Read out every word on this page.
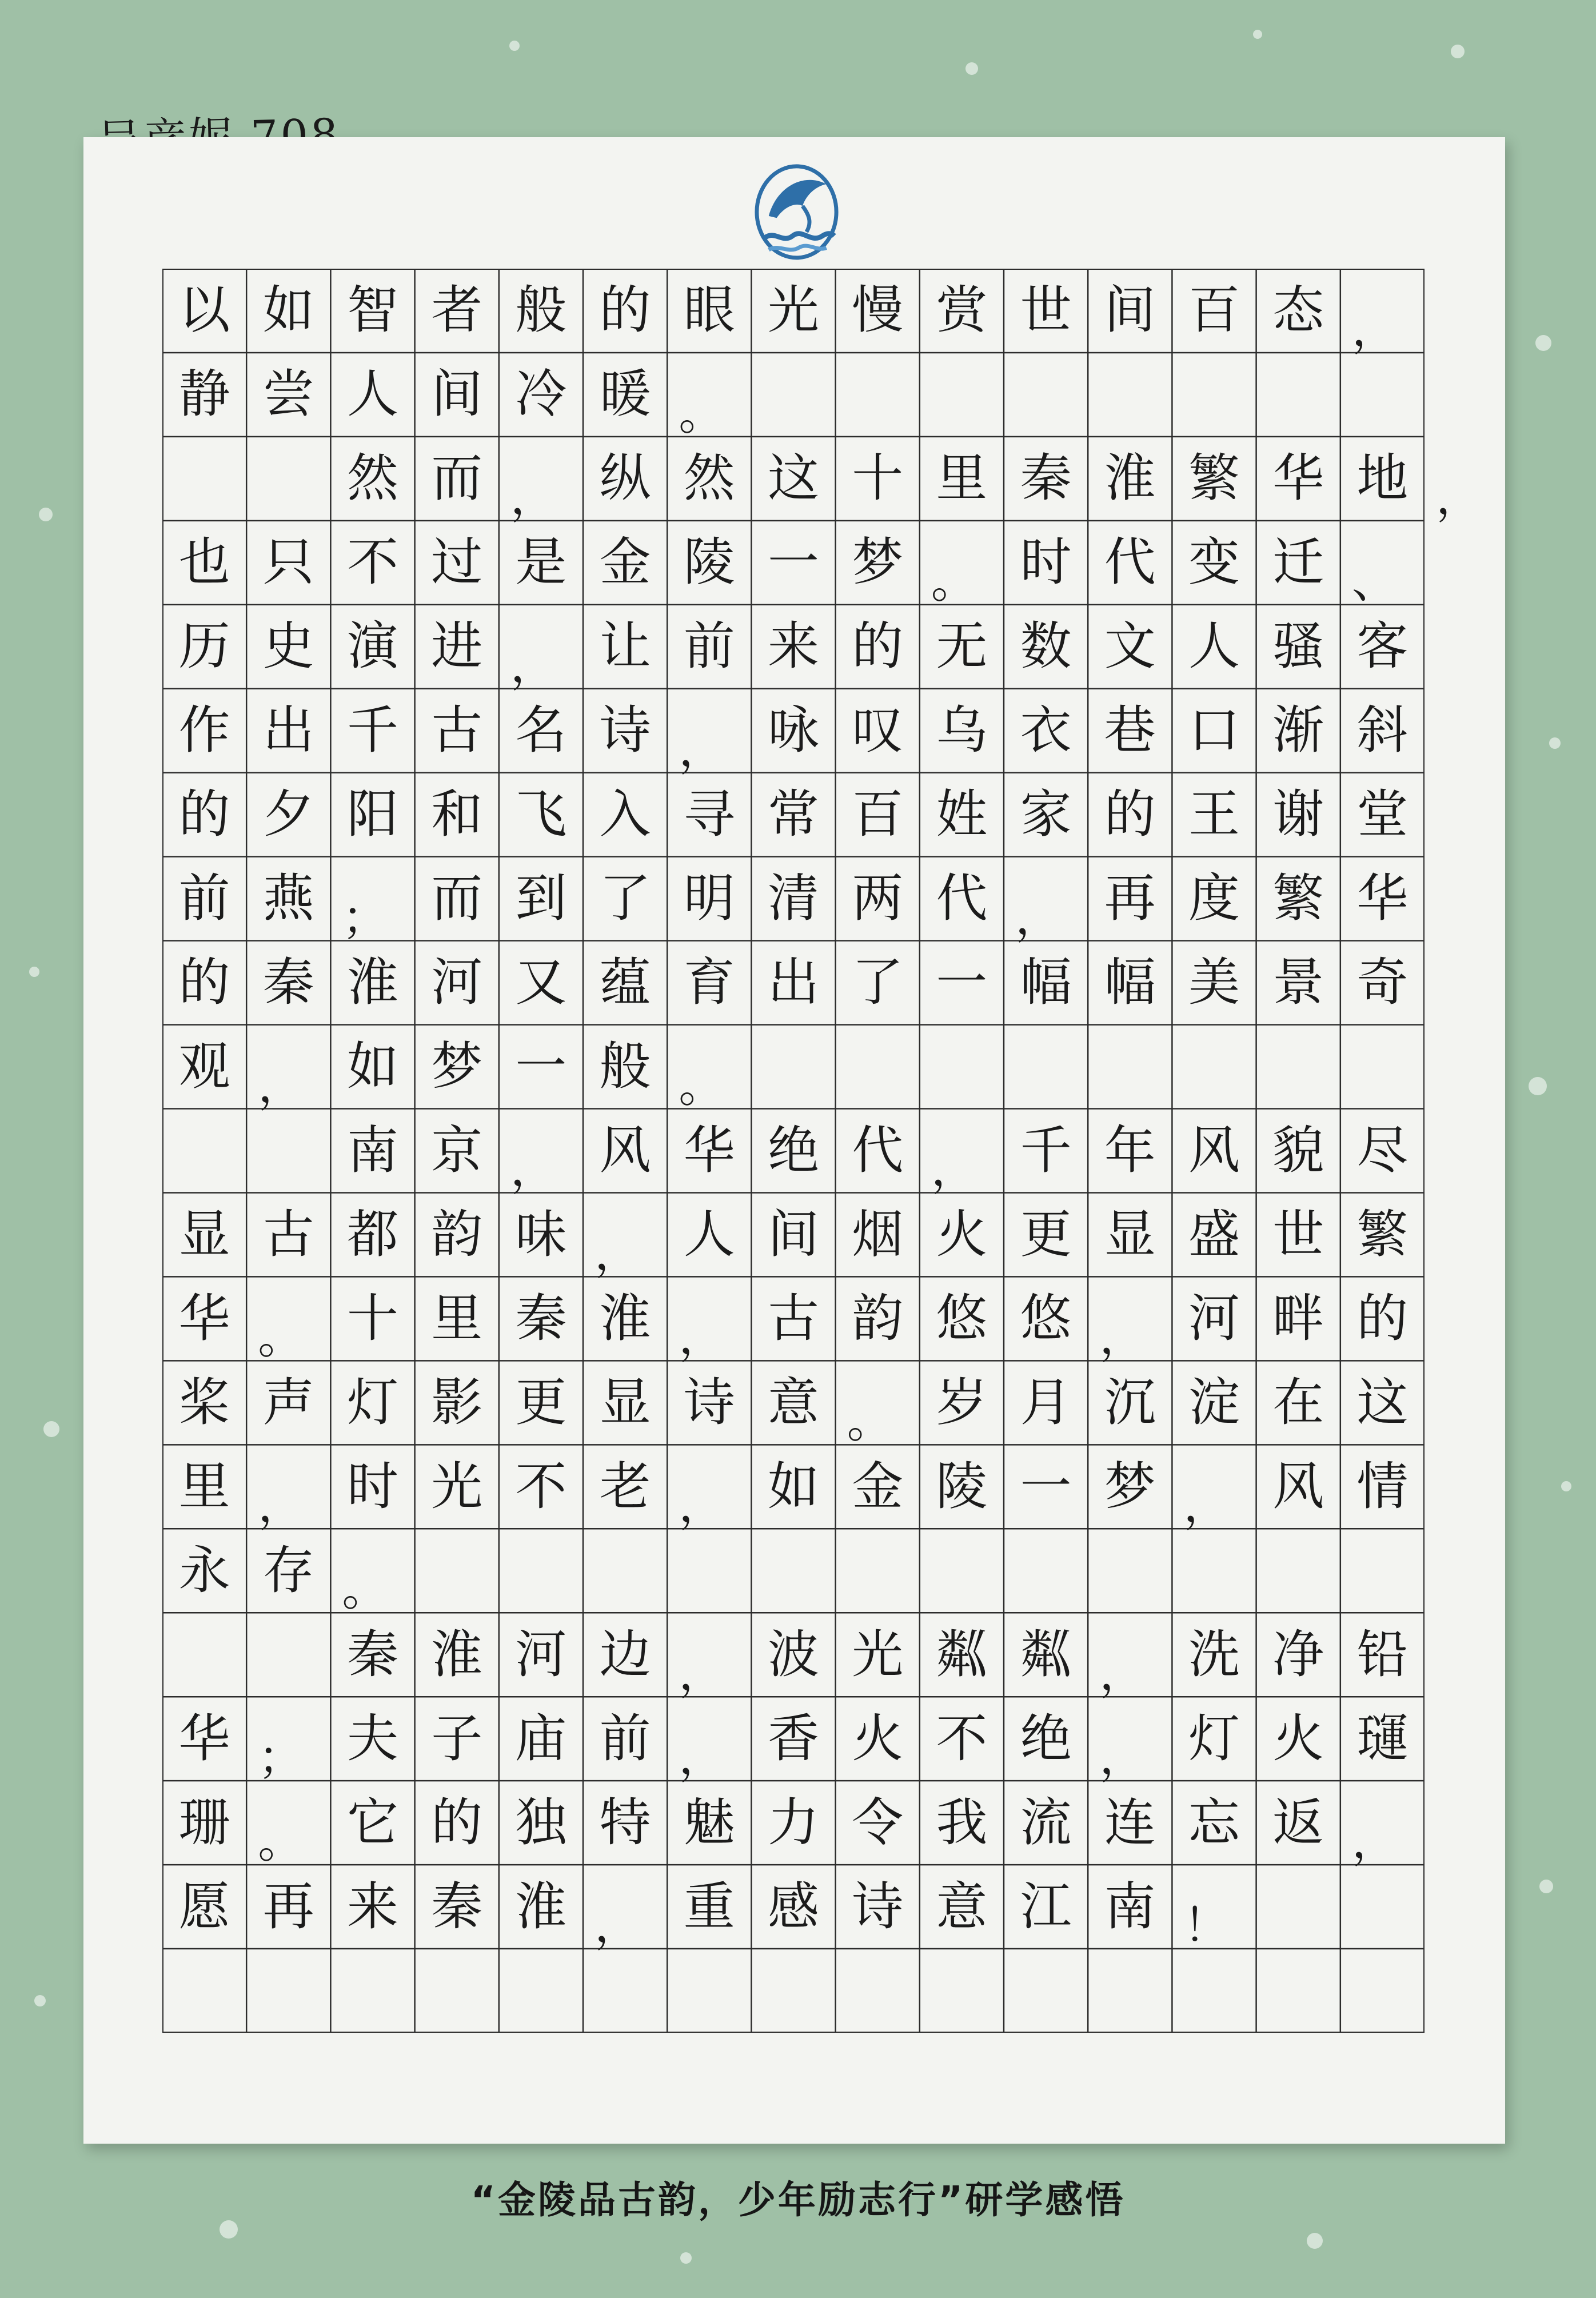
以 如 智 者 般 的 眼 光 慢 赏 世 间 百 态 ，
静 尝 人 间 冷 暖 。
然 而 ， 纵 然 这 十 里 秦 淮 繁 华 地 ，
也 只 不 过 是 金 陵 一 梦 。 时 代 变 迁 、
历 史 演 进 ， 让 前 来 的 无 数 文 人 骚 客
作 出 千 古 名 诗 ， 咏 叹 乌 衣 巷 口 渐 斜
的 夕 阳 和 飞 入 寻 常 百 姓 家 的 王 谢 堂
前 燕 ； 而 到 了 明 清 两 代 ， 再 度 繁 华
的 秦 淮 河 又 蕴 育 出 了 一 幅 幅 美 景 奇
观 ， 如 梦 一 般 。
南 京 ， 风 华 绝 代 ， 千 年 风 貌 尽
显 古 都 韵 味 ， 人 间 烟 火 更 显 盛 世 繁
华 。 十 里 秦 淮 ， 古 韵 悠 悠 ， 河 畔 的
桨 声 灯 影 更 显 诗 意 。 岁 月 沉 淀 在 这
里 ， 时 光 不 老 ， 如 金 陵 一 梦 ， 风 情
永 存 。
秦 淮 河 边 ， 波 光 粼 粼 ， 洗 净 铅
华 ； 夫 子 庙 前 ， 香 火 不 绝 ， 灯 火 璭
珊 。 它 的 独 特 魅 力 令 我 流 连 忘 返 ，
愿 再 来 秦 淮 ， 重 感 诗 意 江 南 ！
“金陵品古韵，少年励志行”研学感悟
